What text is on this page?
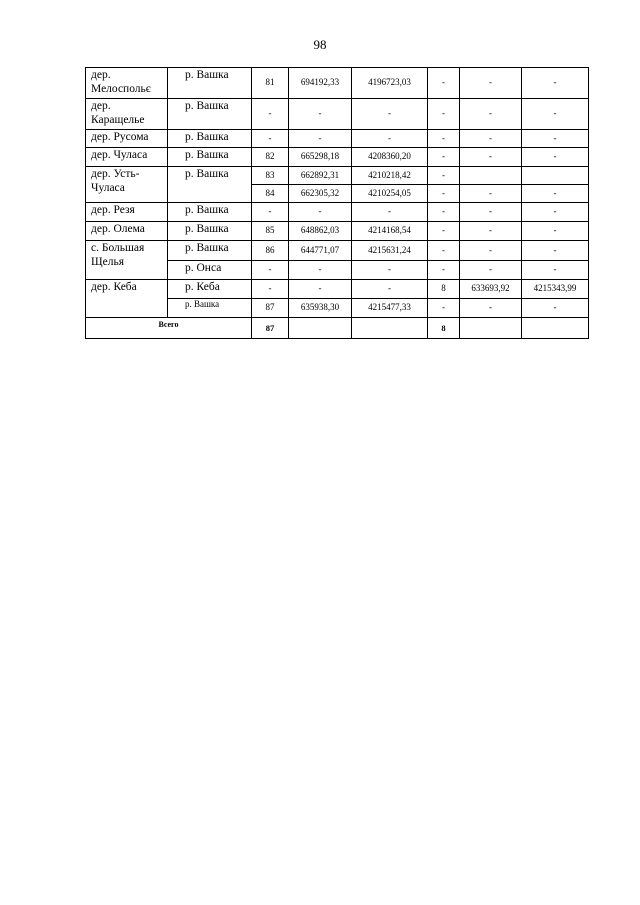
98
дер. Мелоспольє	р. Вашка	81	694192,33	4196723,03	-	-	-
дер. Каращелье	р. Вашка	-	-	-	-	-	-
дер. Русома	р. Вашка	-	-	-	-	-	-
дер. Чуласа	р. Вашка	82	665298,18	4208360,20	-	-	-
дер. Усть-Чуласа	р. Вашка	83	662892,31	4210218,42	-		
		84	662305,32	4210254,05	-	-	-
дер. Резя	р. Вашка	-	-	-	-	-	-
дер. Олема	р. Вашка	85	648862,03	4214168,54	-	-	-
с. Большая Щелья	р. Вашка	86	644771,07	4215631,24	-	-	-
	р. Онса	-	-	-	-	-	-
дер. Кеба	р. Кеба	-	-	-	8	633693,92	4215343,99
	р. Вашка	87	635938,30	4215477,33	-	-	-
Всего		87			8		
